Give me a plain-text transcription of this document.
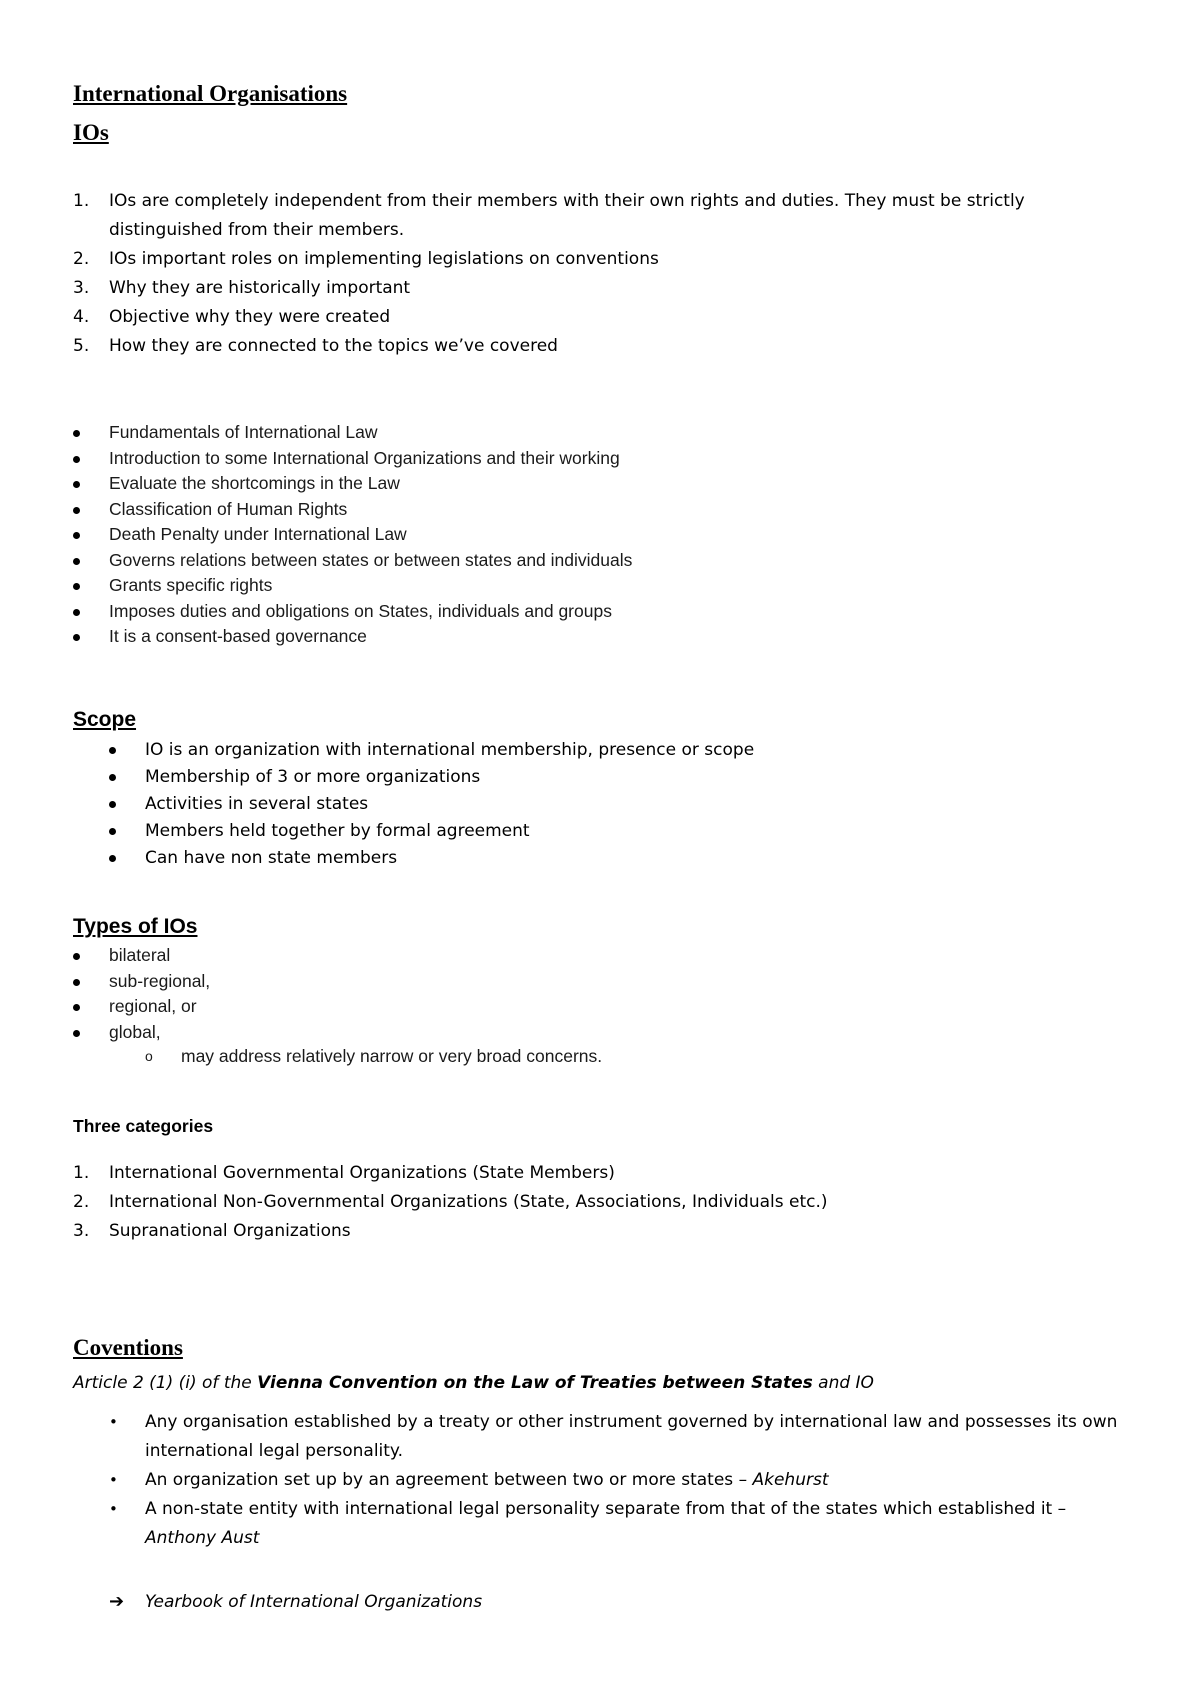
International Organisations
IOs
1. IOs are completely independent from their members with their own rights and duties. They must be strictly distinguished from their members.
2. IOs important roles on implementing legislations on conventions
3. Why they are historically important
4. Objective why they were created
5. How they are connected to the topics we’ve covered
Fundamentals of International Law
Introduction to some International Organizations and their working
Evaluate the shortcomings in the Law
Classification of Human Rights
Death Penalty under International Law
Governs relations between states or between states and individuals
Grants specific rights
Imposes duties and obligations on States, individuals and groups
It is a consent-based governance
Scope
IO is an organization with international membership, presence or scope
Membership of 3 or more organizations
Activities in several states
Members held together by formal agreement
Can have non state members
Types of IOs
bilateral
sub-regional,
regional, or
global,
o may address relatively narrow or very broad concerns.
Three categories
1. International Governmental Organizations (State Members)
2. International Non-Governmental Organizations (State, Associations, Individuals etc.)
3. Supranational Organizations
Coventions
Article 2 (1) (i) of the Vienna Convention on the Law of Treaties between States and IO
• Any organisation established by a treaty or other instrument governed by international law and possesses its own international legal personality.
• An organization set up by an agreement between two or more states – Akehurst
• A non-state entity with international legal personality separate from that of the states which established it – Anthony Aust
➔ Yearbook of International Organizations
